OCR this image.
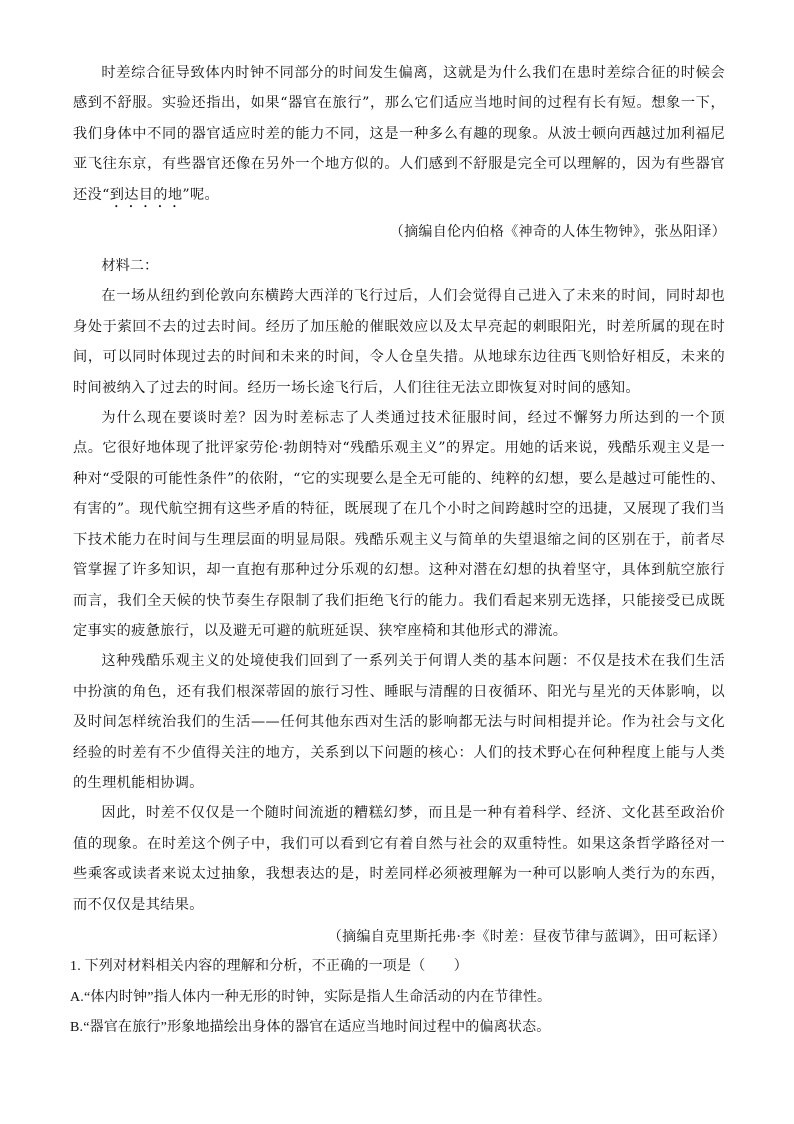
时差综合征导致体内时钟不同部分的时间发生偏离，这就是为什么我们在患时差综合征的时候会感到不舒服。实验还指出，如果“器官在旅行”，那么它们适应当地时间的过程有长有短。想象一下，我们身体中不同的器官适应时差的能力不同，这是一种多么有趣的现象。从波士顿向西越过加利福尼亚飞往东京，有些器官还像在另外一个地方似的。人们感到不舒服是完全可以理解的，因为有些器官还没“到达目的地”呢。

（摘编自伦内伯格《神奇的人体生物钟》，张丛阳译）

材料二：

在一场从纽约到伦敦向东横跨大西洋的飞行过后，人们会觉得自己进入了未来的时间，同时却也身处于萦回不去的过去时间。经历了加压舱的催眠效应以及太早亮起的刺眼阳光，时差所属的现在时间，可以同时体现过去的时间和未来的时间，令人仓皇失措。从地球东边往西飞则恰好相反，未来的时间被纳入了过去的时间。经历一场长途飞行后，人们往往无法立即恢复对时间的感知。

为什么现在要谈时差？因为时差标志了人类通过技术征服时间，经过不懈努力所达到的一个顶点。它很好地体现了批评家劳伦·勃朗特对“残酷乐观主义”的界定。用她的话来说，残酷乐观主义是一种对“受限的可能性条件”的依附，“它的实现要么是全无可能的、纯粹的幻想，要么是越过可能性的、有害的”。现代航空拥有这些矛盾的特征，既展现了在几个小时之间跨越时空的迅捷，又展现了我们当下技术能力在时间与生理层面的明显局限。残酷乐观主义与简单的失望退缩之间的区别在于，前者尽管掌握了许多知识，却一直抱有那种过分乐观的幻想。这种对潜在幻想的执着坚守，具体到航空旅行而言，我们全天候的快节奏生存限制了我们拒绝飞行的能力。我们看起来别无选择，只能接受已成既定事实的疲惫旅行，以及避无可避的航班延误、狭窄座椅和其他形式的滞流。

这种残酷乐观主义的处境使我们回到了一系列关于何谓人类的基本问题：不仅是技术在我们生活中扮演的角色，还有我们根深蒂固的旅行习性、睡眠与清醒的日夜循环、阳光与星光的天体影响，以及时间怎样统治我们的生活——任何其他东西对生活的影响都无法与时间相提并论。作为社会与文化经验的时差有不少值得关注的地方，关系到以下问题的核心：人们的技术野心在何种程度上能与人类的生理机能相协调。

因此，时差不仅仅是一个随时间流逝的糟糕幻梦，而且是一种有着科学、经济、文化甚至政治价值的现象。在时差这个例子中，我们可以看到它有着自然与社会的双重特性。如果这条哲学路径对一些乘客或读者来说太过抽象，我想表达的是，时差同样必须被理解为一种可以影响人类行为的东西，而不仅仅是其结果。

（摘编自克里斯托弗·李《时差：昼夜节律与蓝调》，田可耘译）

1. 下列对材料相关内容的理解和分析，不正确的一项是（　　）

A.“体内时钟”指人体内一种无形的时钟，实际是指人生命活动的内在节律性。

B.“器官在旅行”形象地描绘出身体的器官在适应当地时间过程中的偏离状态。
